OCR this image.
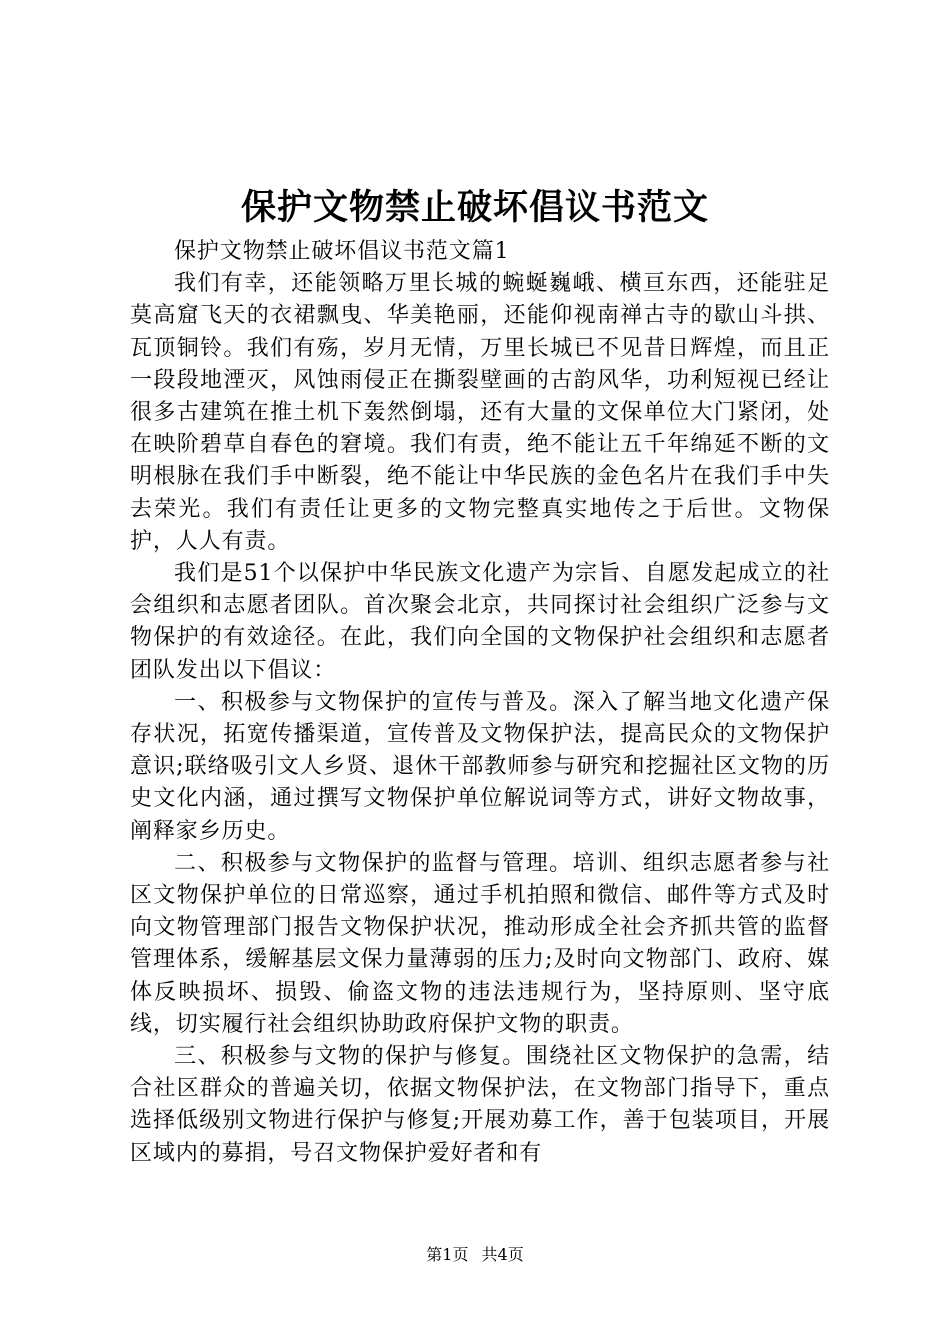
保护文物禁止破坏倡议书范文

保护文物禁止破坏倡议书范文篇1

我们有幸，还能领略万里长城的蜿蜒巍峨、横亘东西，还能驻足莫高窟飞天的衣裙飘曳、华美艳丽，还能仰视南禅古寺的歇山斗拱、瓦顶铜铃。我们有殇，岁月无情，万里长城已不见昔日辉煌，而且正一段段地湮灭，风蚀雨侵正在撕裂壁画的古韵风华，功利短视已经让很多古建筑在推土机下轰然倒塌，还有大量的文保单位大门紧闭，处在映阶碧草自春色的窘境。我们有责，绝不能让五千年绵延不断的文明根脉在我们手中断裂，绝不能让中华民族的金色名片在我们手中失去荣光。我们有责任让更多的文物完整真实地传之于后世。文物保护，人人有责。

我们是51个以保护中华民族文化遗产为宗旨、自愿发起成立的社会组织和志愿者团队。首次聚会北京，共同探讨社会组织广泛参与文物保护的有效途径。在此，我们向全国的文物保护社会组织和志愿者团队发出以下倡议：

一、积极参与文物保护的宣传与普及。深入了解当地文化遗产保存状况，拓宽传播渠道，宣传普及文物保护法，提高民众的文物保护意识;联络吸引文人乡贤、退休干部教师参与研究和挖掘社区文物的历史文化内涵，通过撰写文物保护单位解说词等方式，讲好文物故事，阐释家乡历史。

二、积极参与文物保护的监督与管理。培训、组织志愿者参与社区文物保护单位的日常巡察，通过手机拍照和微信、邮件等方式及时向文物管理部门报告文物保护状况，推动形成全社会齐抓共管的监督管理体系，缓解基层文保力量薄弱的压力;及时向文物部门、政府、媒体反映损坏、损毁、偷盗文物的违法违规行为，坚持原则、坚守底线，切实履行社会组织协助政府保护文物的职责。

三、积极参与文物的保护与修复。围绕社区文物保护的急需，结合社区群众的普遍关切，依据文物保护法，在文物部门指导下，重点选择低级别文物进行保护与修复;开展劝募工作，善于包装项目，开展区域内的募捐，号召文物保护爱好者和有

第1页 共4页
